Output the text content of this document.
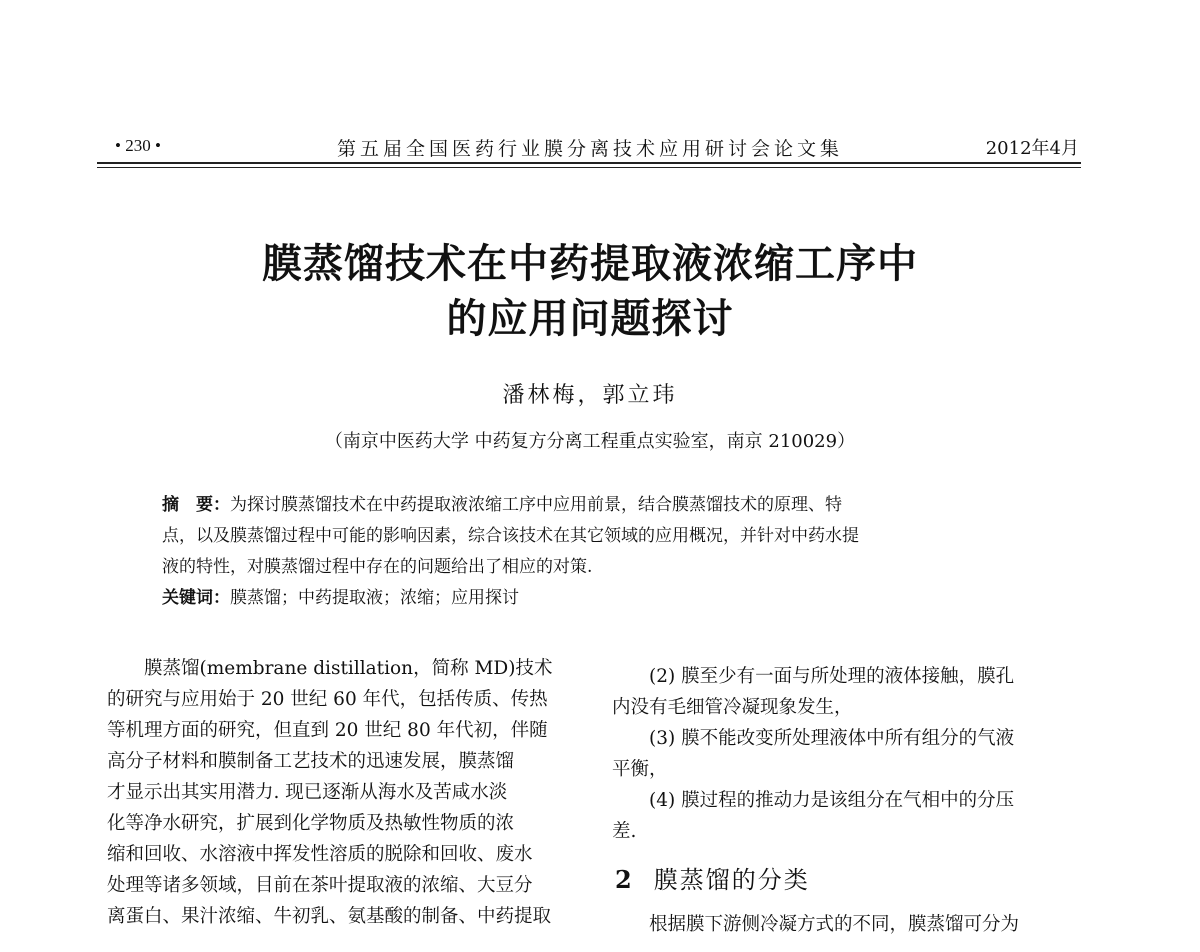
• 230 •	第五届全国医药行业膜分离技术应用研讨会论文集	2012年4月
膜蒸馏技术在中药提取液浓缩工序中
的应用问题探讨
潘林梅，郭立玮
（南京中医药大学 中药复方分离工程重点实验室，南京 210029）

摘　要：为探讨膜蒸馏技术在中药提取液浓缩工序中应用前景，结合膜蒸馏技术的原理、特

点，以及膜蒸馏过程中可能的影响因素，综合该技术在其它领域的应用概况，并针对中药水提

液的特性，对膜蒸馏过程中存在的问题给出了相应的对策.

关键词：膜蒸馏；中药提取液；浓缩；应用探讨

　　膜蒸馏(membrane distillation，简称 MD)技术

的研究与应用始于 20 世纪 60 年代，包括传质、传热

等机理方面的研究，但直到 20 世纪 80 年代初，伴随

高分子材料和膜制备工艺技术的迅速发展，膜蒸馏

才显示出其实用潜力. 现已逐渐从海水及苦咸水淡

化等净水研究，扩展到化学物质及热敏性物质的浓

缩和回收、水溶液中挥发性溶质的脱除和回收、废水

处理等诸多领域，目前在茶叶提取液的浓缩、大豆分

离蛋白、果汁浓缩、牛初乳、氨基酸的制备、中药提取

　　(2) 膜至少有一面与所处理的液体接触，膜孔

内没有毛细管冷凝现象发生，

　　(3) 膜不能改变所处理液体中所有组分的气液

平衡，

　　(4) 膜过程的推动力是该组分在气相中的分压

差.

2 膜蒸馏的分类

　　根据膜下游侧冷凝方式的不同，膜蒸馏可分为
